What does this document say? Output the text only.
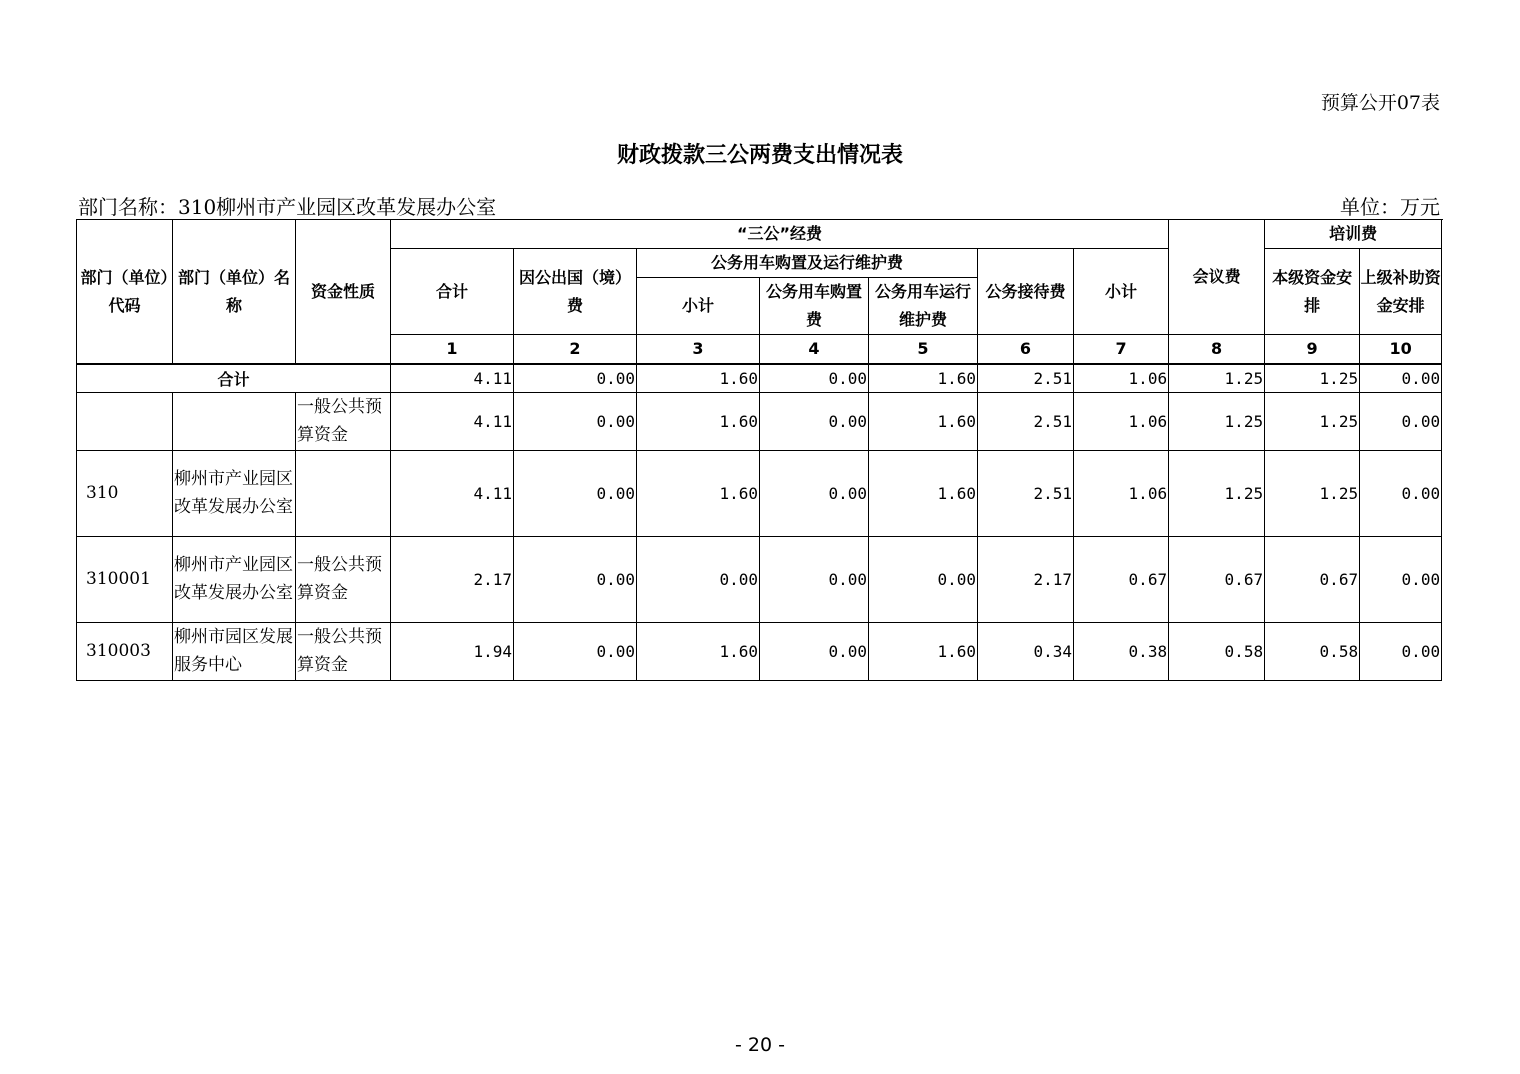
预算公开07表
财政拨款三公两费支出情况表
部门名称：310柳州市产业园区改革发展办公室	单位：万元
部门（单位）代码	部门（单位）名称	资金性质	“三公”经费							会议费	培训费	
			合计	因公出国（境）费	公务用车购置及运行维护费			公务接待费	小计		本级资金安排	上级补助资金安排
					小计	公务用车购置费	公务用车运行维护费					
			1	2	3	4	5	6	7	8	9	10
合计			4.11	0.00	1.60	0.00	1.60	2.51	1.06	1.25	1.25	0.00
		一般公共预算资金	4.11	0.00	1.60	0.00	1.60	2.51	1.06	1.25	1.25	0.00
310	柳州市产业园区改革发展办公室		4.11	0.00	1.60	0.00	1.60	2.51	1.06	1.25	1.25	0.00
310001	柳州市产业园区改革发展办公室	一般公共预算资金	2.17	0.00	0.00	0.00	0.00	2.17	0.67	0.67	0.67	0.00
310003	柳州市园区发展服务中心	一般公共预算资金	1.94	0.00	1.60	0.00	1.60	0.34	0.38	0.58	0.58	0.00
- 20 -
